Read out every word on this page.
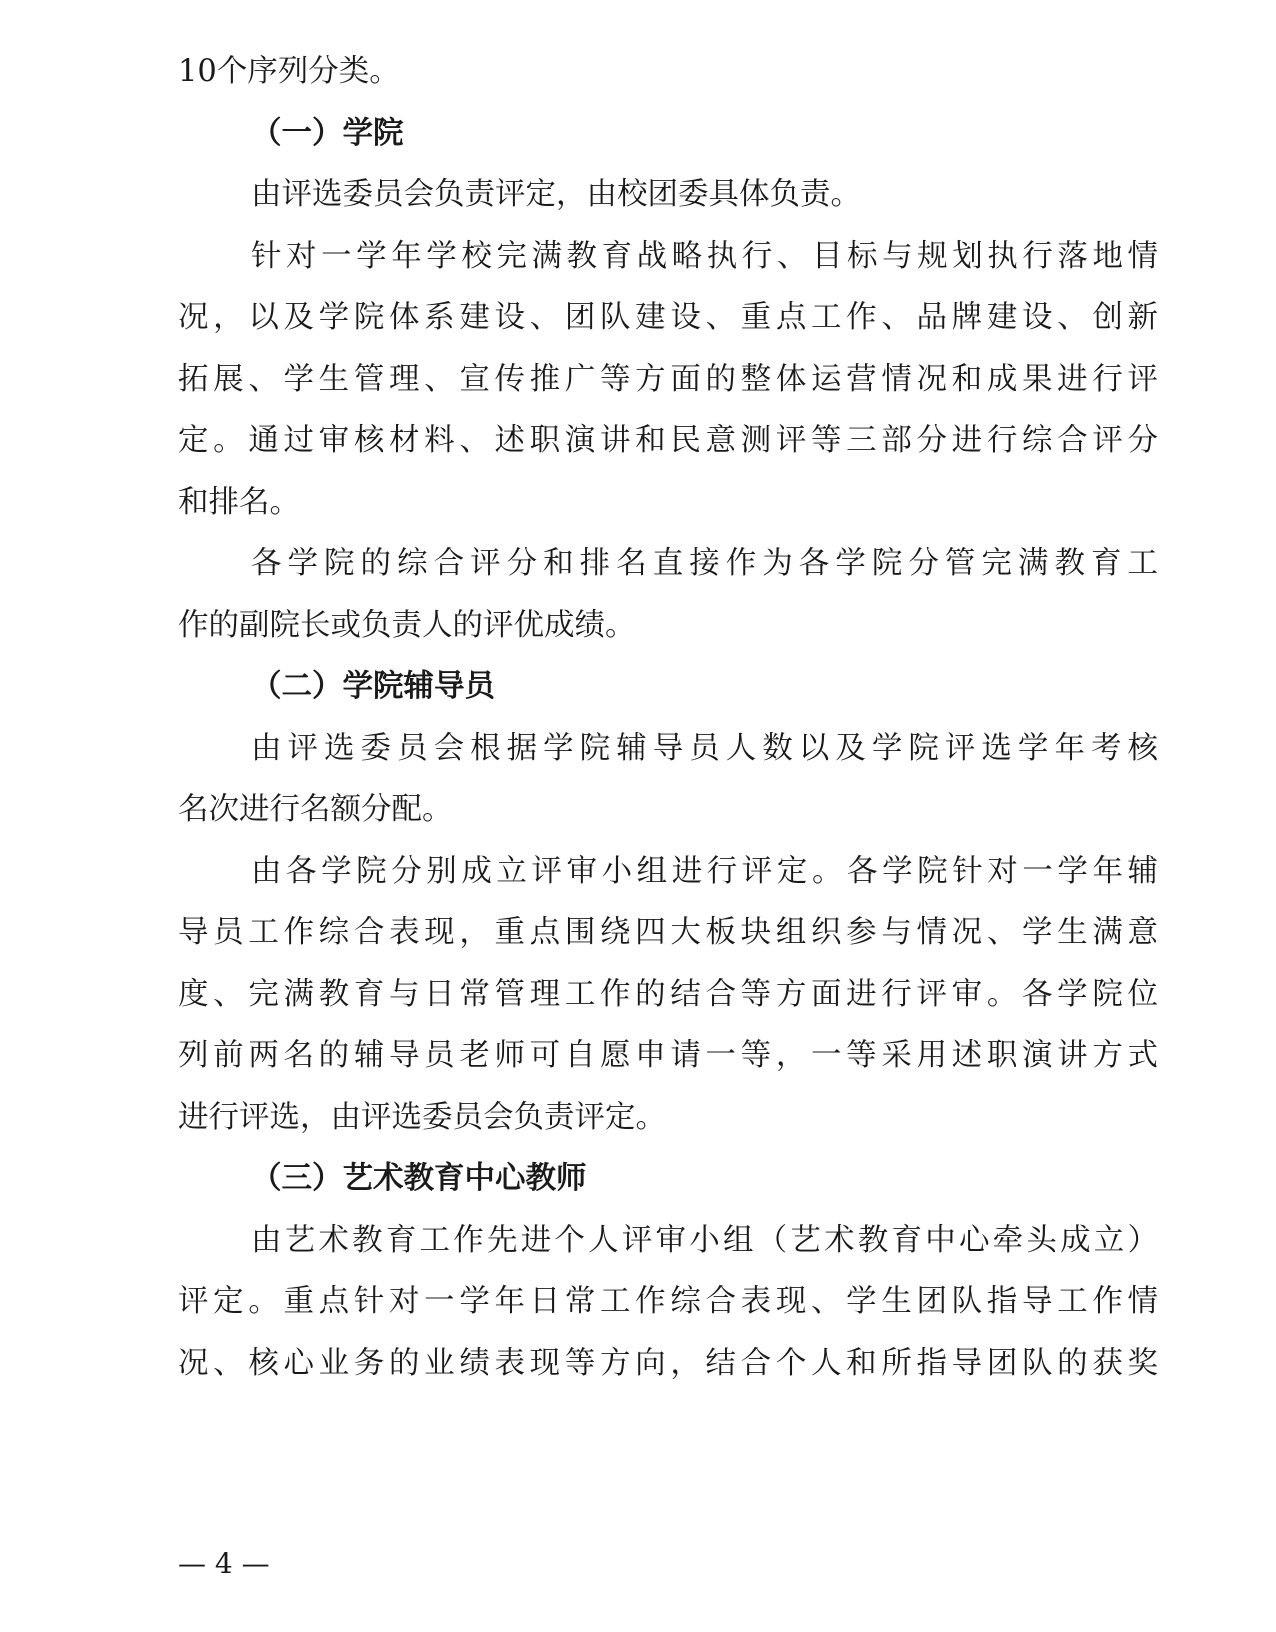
10个序列分类。
（一）学院
由评选委员会负责评定，由校团委具体负责。
针对一学年学校完满教育战略执行、目标与规划执行落地情
况，以及学院体系建设、团队建设、重点工作、品牌建设、创新
拓展、学生管理、宣传推广等方面的整体运营情况和成果进行评
定。通过审核材料、述职演讲和民意测评等三部分进行综合评分
和排名。
各学院的综合评分和排名直接作为各学院分管完满教育工
作的副院长或负责人的评优成绩。
（二）学院辅导员
由评选委员会根据学院辅导员人数以及学院评选学年考核
名次进行名额分配。
由各学院分别成立评审小组进行评定。各学院针对一学年辅
导员工作综合表现，重点围绕四大板块组织参与情况、学生满意
度、完满教育与日常管理工作的结合等方面进行评审。各学院位
列前两名的辅导员老师可自愿申请一等，一等采用述职演讲方式
进行评选，由评选委员会负责评定。
（三）艺术教育中心教师
由艺术教育工作先进个人评审小组（艺术教育中心牵头成立）
评定。重点针对一学年日常工作综合表现、学生团队指导工作情
况、核心业务的业绩表现等方向，结合个人和所指导团队的获奖
— 4 —
